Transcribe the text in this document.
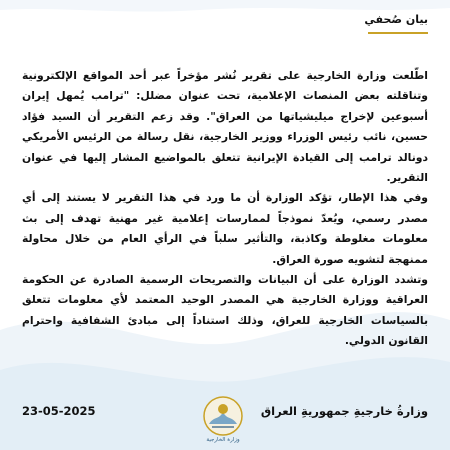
بيان صُحفي

اطّلعت وزارة الخارجية على تقرير نُشر مؤخراً عبر أحد المواقع الإلكترونية وتناقلته بعض المنصات الإعلامية، تحت عنوان مضلل: "ترامب يُمهل إيران أسبوعين لإخراج ميليشياتها من العراق". وقد زعم التقرير أن السيد فؤاد حسين، نائب رئيس الوزراء ووزير الخارجية، نقل رسالة من الرئيس الأمريكي دونالد ترامب إلى القيادة الإيرانية تتعلق بالمواضيع المشار إليها في عنوان التقرير.

وفي هذا الإطار، تؤكد الوزارة أن ما ورد في هذا التقرير لا يستند إلى أي مصدر رسمي، ويُعدّ نموذجاً لممارسات إعلامية غير مهنية تهدف إلى بث معلومات مغلوطة وكاذبة، والتأثير سلباً في الرأي العام من خلال محاولة ممنهجة لتشويه صورة العراق.

وتشدد الوزارة على أن البيانات والتصريحات الرسمية الصادرة عن الحكومة العراقية ووزارة الخارجية هي المصدر الوحيد المعتمد لأي معلومات تتعلق بالسياسات الخارجية للعراق، وذلك استناداً إلى مبادئ الشفافية واحترام القانون الدولي.

وزارة الخارجية
وزارةُ خارجيةِ جمهوريةِ العراق
23-05-2025
